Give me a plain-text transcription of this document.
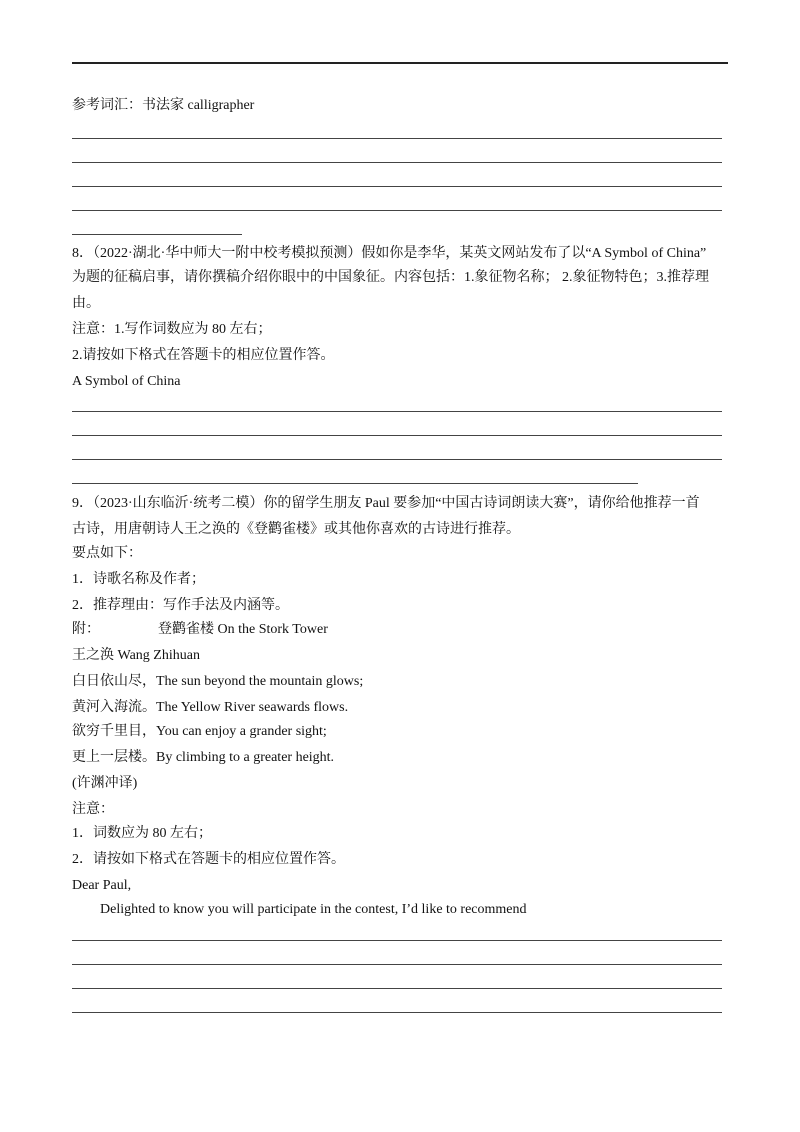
参考词汇：书法家 calligrapher
8．（2022·湖北·华中师大一附中校考模拟预测）假如你是李华，某英文网站发布了以“A Symbol of China”
为题的征稿启事，请你撰稿介绍你眼中的中国象征。内容包括：1.象征物名称； 2.象征物特色；3.推荐理
由。
注意：1.写作词数应为 80 左右；
2.请按如下格式在答题卡的相应位置作答。
A Symbol of China
9．（2023·山东临沂·统考二模）你的留学生朋友 Paul 要参加“中国古诗词朗读大赛”，请你给他推荐一首
古诗，用唐朝诗人王之涣的《登鹳雀楼》或其他你喜欢的古诗进行推荐。
要点如下：
1．诗歌名称及作者；
2．推荐理由：写作手法及内涵等。
附：	登鹳雀楼 On the Stork Tower
王之涣 Wang Zhihuan
白日依山尽，The sun beyond the mountain glows;
黄河入海流。The Yellow River seawards flows.
欲穷千里目，You can enjoy a grander sight;
更上一层楼。By climbing to a greater height.
(许渊冲译)
注意：
1．词数应为 80 左右；
2．请按如下格式在答题卡的相应位置作答。
Dear Paul,
Delighted to know you will participate in the contest, I’d like to recommend
